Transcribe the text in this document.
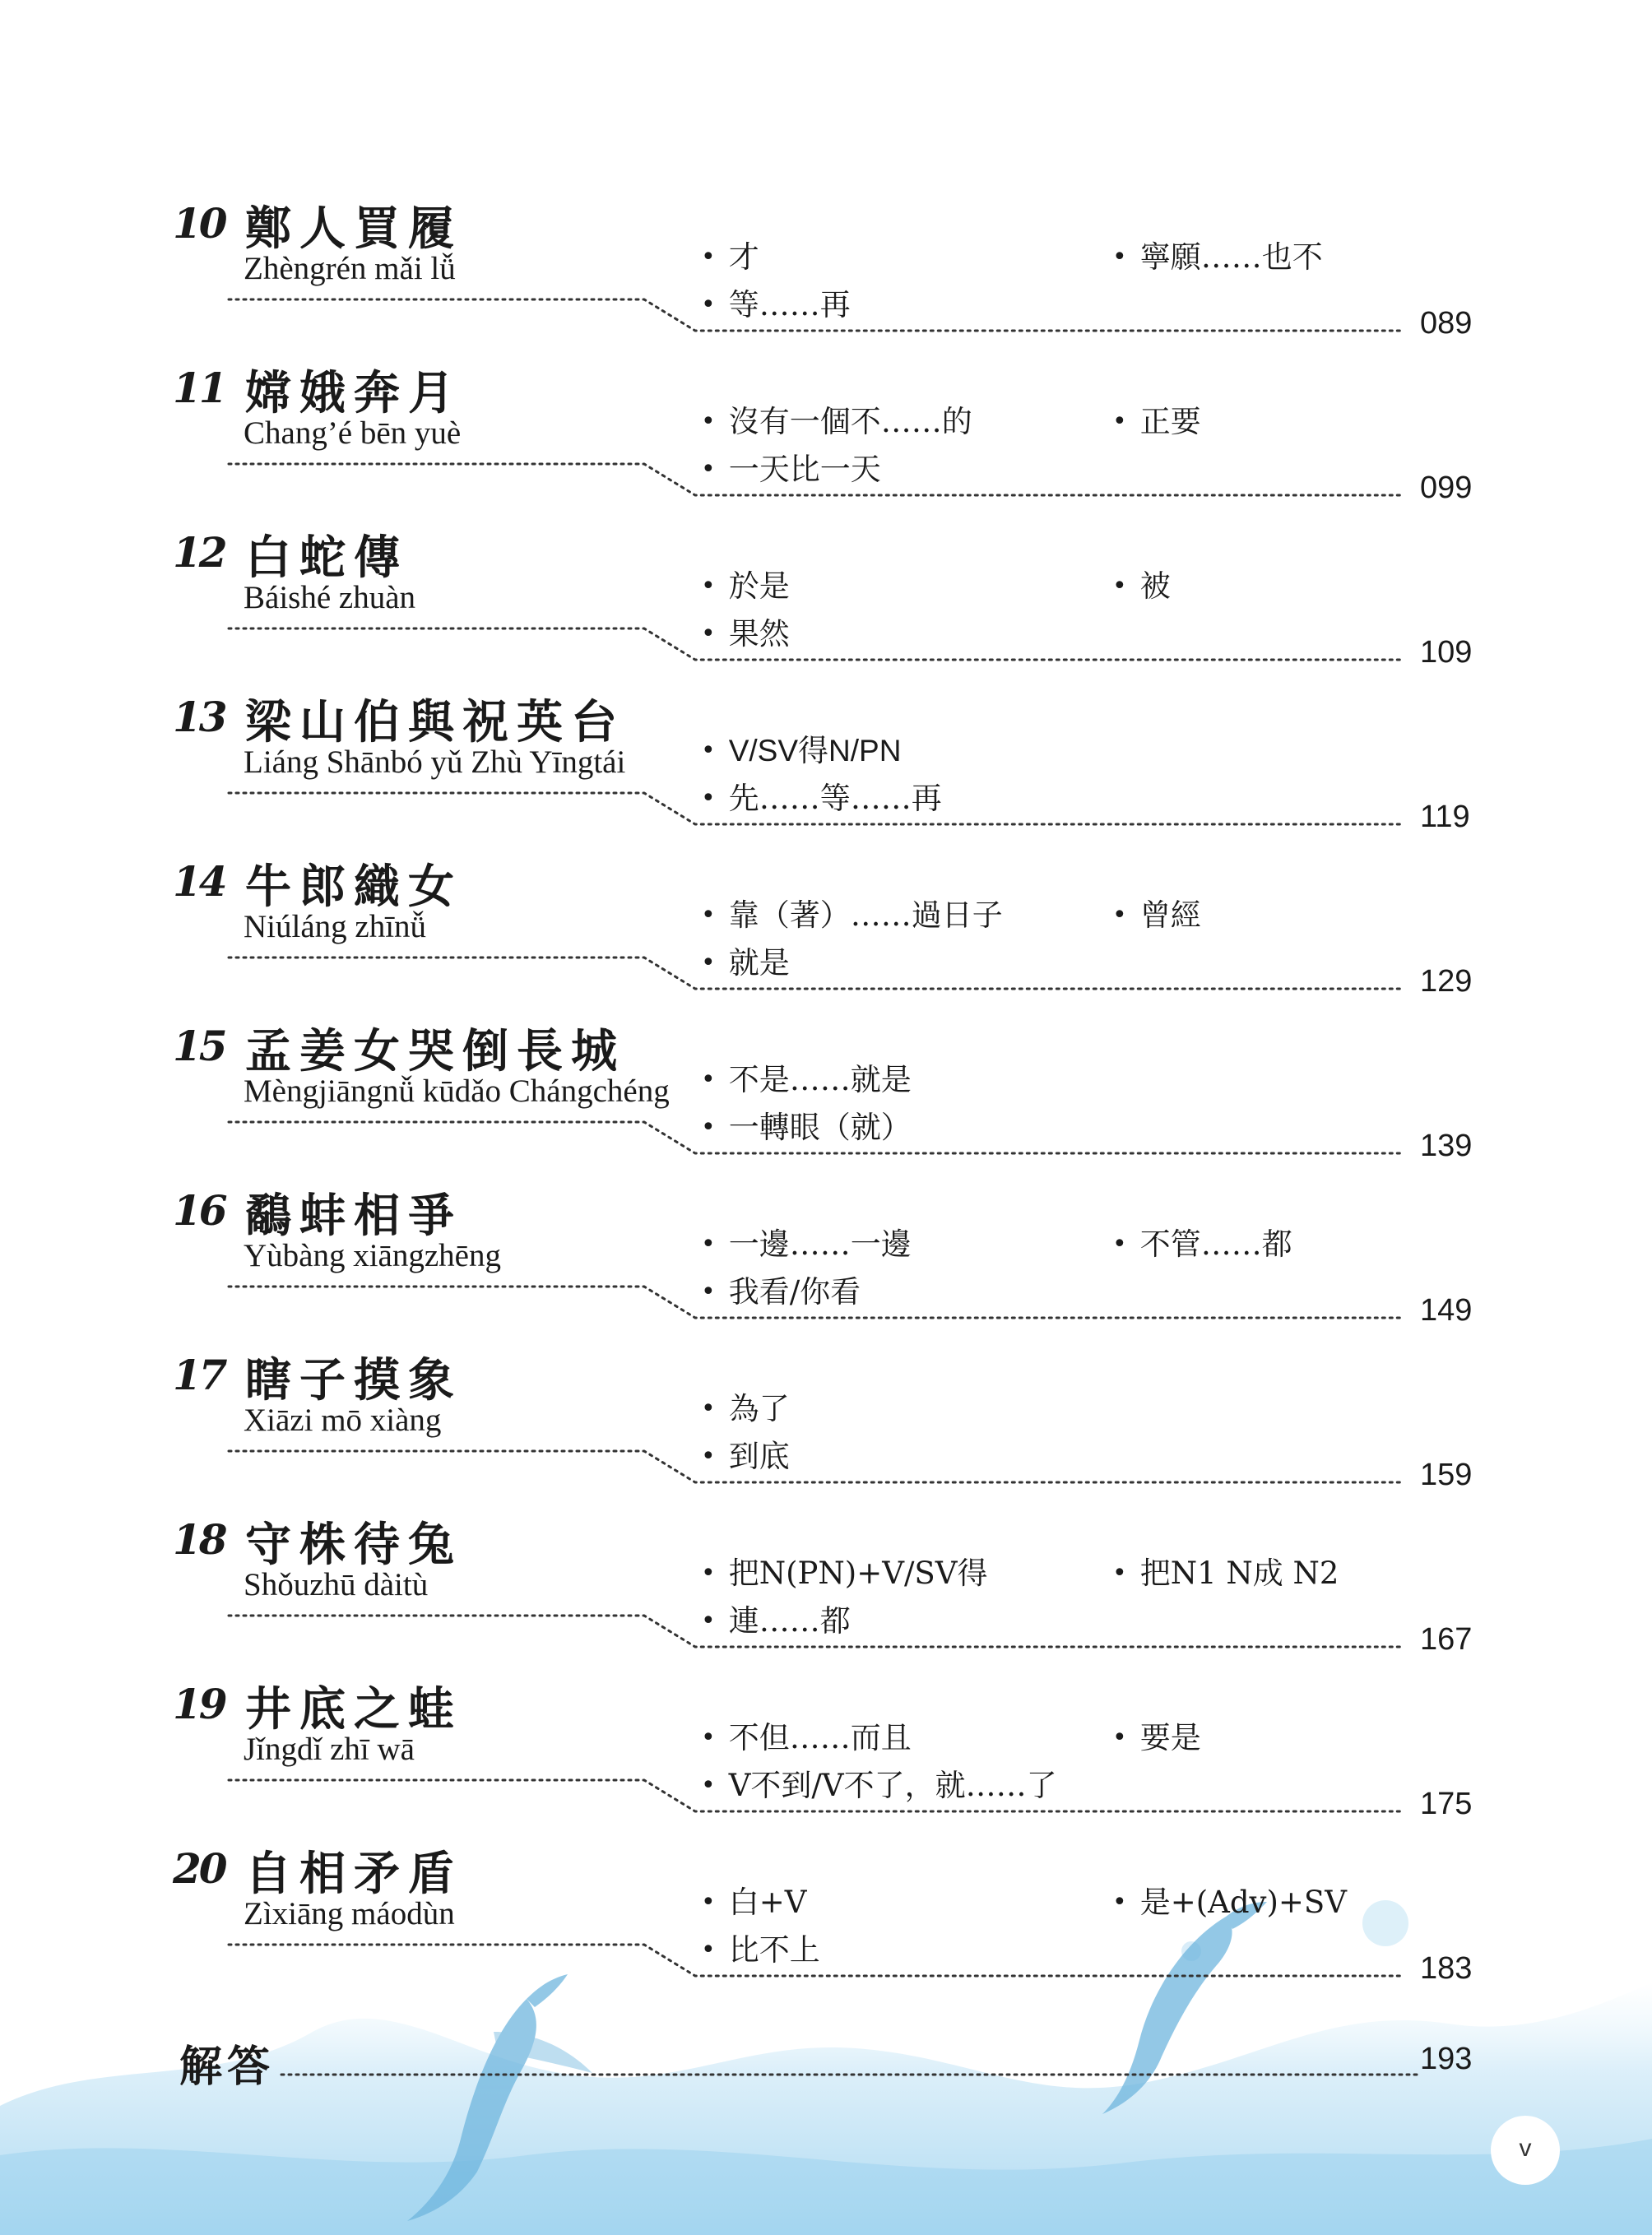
10 鄭人買履
Zhèngrén mǎi lǚ	• 才	• 寧願……也不
• 等……再
089
11 嫦娥奔月
Chang’é bēn yuè	• 沒有一個不……的	• 正要
• 一天比一天
099
12 白蛇傳
Báishé zhuàn	• 於是	• 被
• 果然
109
13 梁山伯與祝英台
Liáng Shānbó yǔ Zhù Yīngtái	• V/SV得N/PN
• 先……等……再
119
14 牛郎織女
Niúláng zhīnǚ	• 靠（著）……過日子	• 曾經
• 就是
129
15 孟姜女哭倒長城
Mèngjiāngnǚ kūdǎo Chángchéng	• 不是……就是
• 一轉眼（就）
139
16 鷸蚌相爭
Yùbàng xiāngzhēng	• 一邊……一邊	• 不管……都
• 我看/你看
149
17 瞎子摸象
Xiāzi mō xiàng	• 為了
• 到底
159
18 守株待兔
Shǒuzhū dàitù	• 把N(PN)+V/SV得	• 把N1 N成 N2
• 連……都
167
19 井底之蛙
Jǐngdǐ zhī wā	• 不但……而且	• 要是
• V不到/V不了，就……了
175
20 自相矛盾
Zìxiāng máodùn	• 白+V	• 是+(Adv)+SV
• 比不上
183
解答	193
v
